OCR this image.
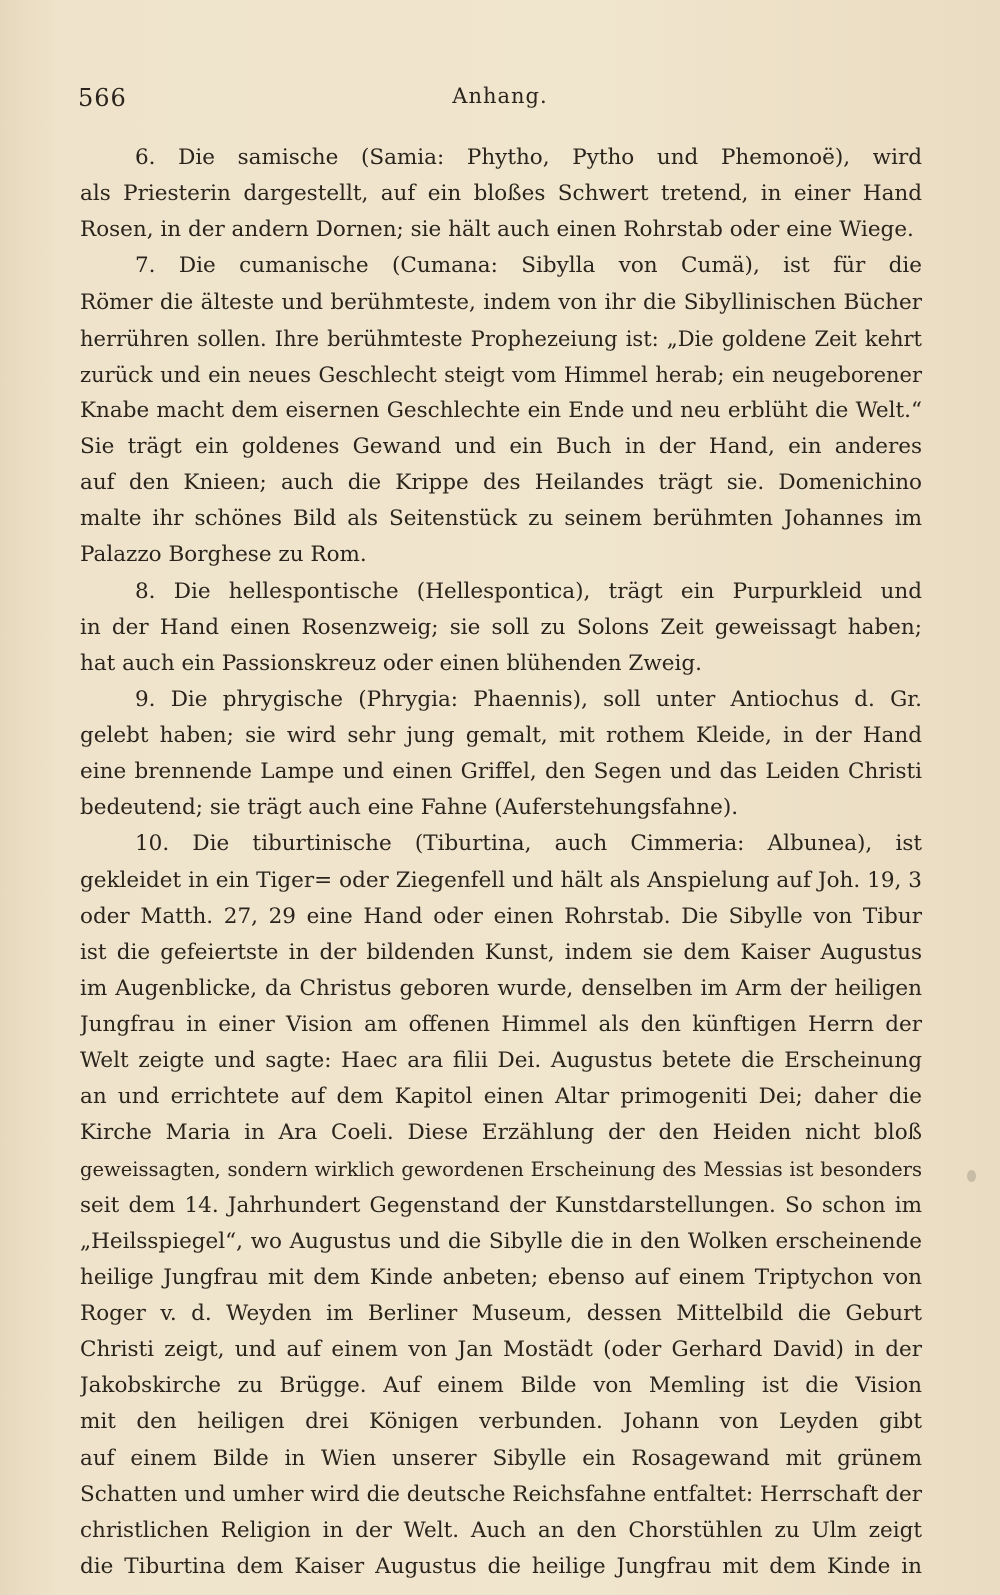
566	Anhang.
6. Die samische (Samia: Phytho, Pytho und Phemonoë), wird
als Priesterin dargestellt, auf ein bloßes Schwert tretend, in einer Hand
Rosen, in der andern Dornen; sie hält auch einen Rohrstab oder eine Wiege.
7. Die cumanische (Cumana: Sibylla von Cumä), ist für die
Römer die älteste und berühmteste, indem von ihr die Sibyllinischen Bücher
herrühren sollen. Ihre berühmteste Prophezeiung ist: „Die goldene Zeit kehrt
zurück und ein neues Geschlecht steigt vom Himmel herab; ein neugeborener
Knabe macht dem eisernen Geschlechte ein Ende und neu erblüht die Welt.“
Sie trägt ein goldenes Gewand und ein Buch in der Hand, ein anderes
auf den Knieen; auch die Krippe des Heilandes trägt sie. Domenichino
malte ihr schönes Bild als Seitenstück zu seinem berühmten Johannes im
Palazzo Borghese zu Rom.
8. Die hellespontische (Hellespontica), trägt ein Purpurkleid und
in der Hand einen Rosenzweig; sie soll zu Solons Zeit geweissagt haben;
hat auch ein Passionskreuz oder einen blühenden Zweig.
9. Die phrygische (Phrygia: Phaennis), soll unter Antiochus d. Gr.
gelebt haben; sie wird sehr jung gemalt, mit rothem Kleide, in der Hand
eine brennende Lampe und einen Griffel, den Segen und das Leiden Christi
bedeutend; sie trägt auch eine Fahne (Auferstehungsfahne).
10. Die tiburtinische (Tiburtina, auch Cimmeria: Albunea), ist
gekleidet in ein Tiger= oder Ziegenfell und hält als Anspielung auf Joh. 19, 3
oder Matth. 27, 29 eine Hand oder einen Rohrstab. Die Sibylle von Tibur
ist die gefeiertste in der bildenden Kunst, indem sie dem Kaiser Augustus
im Augenblicke, da Christus geboren wurde, denselben im Arm der heiligen
Jungfrau in einer Vision am offenen Himmel als den künftigen Herrn der
Welt zeigte und sagte: Haec ara filii Dei. Augustus betete die Erscheinung
an und errichtete auf dem Kapitol einen Altar primogeniti Dei; daher die
Kirche Maria in Ara Coeli. Diese Erzählung der den Heiden nicht bloß
geweissagten, sondern wirklich gewordenen Erscheinung des Messias ist besonders
seit dem 14. Jahrhundert Gegenstand der Kunstdarstellungen. So schon im
„Heilsspiegel“, wo Augustus und die Sibylle die in den Wolken erscheinende
heilige Jungfrau mit dem Kinde anbeten; ebenso auf einem Triptychon von
Roger v. d. Weyden im Berliner Museum, dessen Mittelbild die Geburt
Christi zeigt, und auf einem von Jan Mostädt (oder Gerhard David) in der
Jakobskirche zu Brügge. Auf einem Bilde von Memling ist die Vision
mit den heiligen drei Königen verbunden. Johann von Leyden gibt
auf einem Bilde in Wien unserer Sibylle ein Rosagewand mit grünem
Schatten und umher wird die deutsche Reichsfahne entfaltet: Herrschaft der
christlichen Religion in der Welt. Auch an den Chorstühlen zu Ulm zeigt
die Tiburtina dem Kaiser Augustus die heilige Jungfrau mit dem Kinde in
